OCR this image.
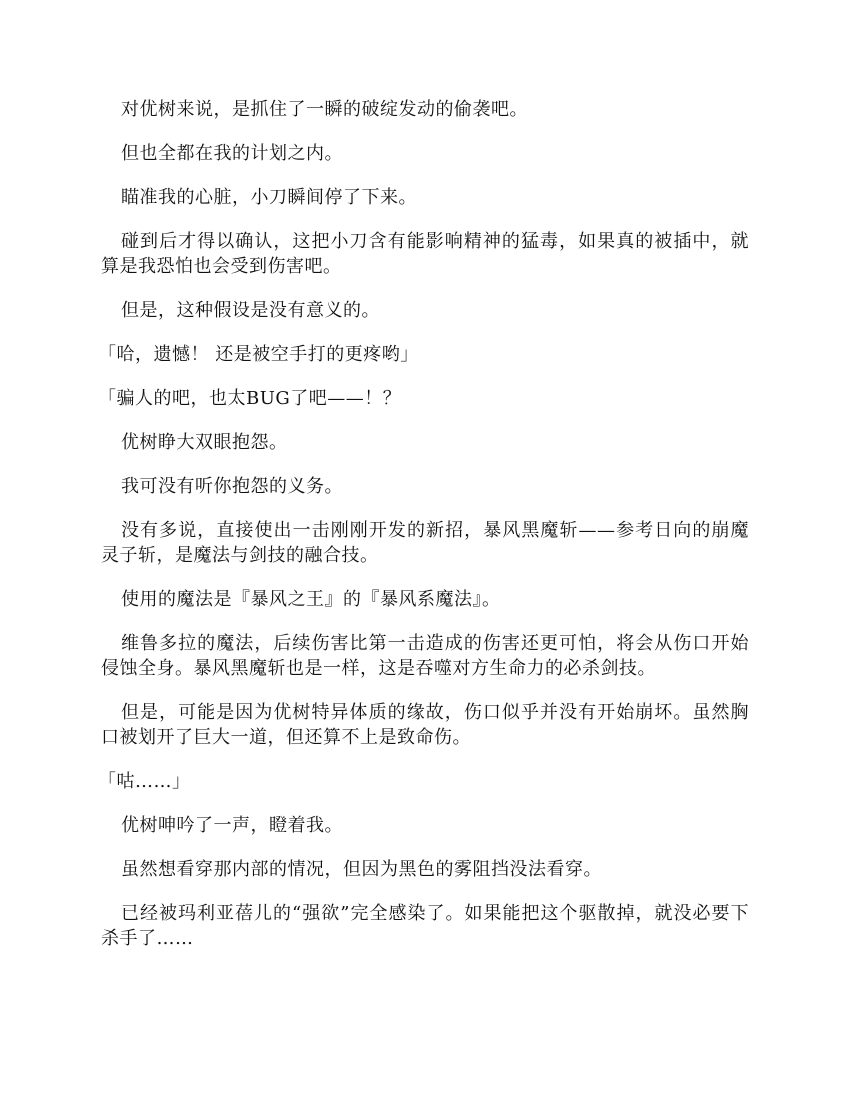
对优树来说，是抓住了一瞬的破绽发动的偷袭吧。

但也全都在我的计划之内。

瞄准我的心脏，小刀瞬间停了下来。

碰到后才得以确认，这把小刀含有能影响精神的猛毒，如果真的被插中，就算是我恐怕也会受到伤害吧。

但是，这种假设是没有意义的。

「哈，遗憾！ 还是被空手打的更疼哟」

「骗人的吧，也太BUG了吧——！？

优树睁大双眼抱怨。

我可没有听你抱怨的义务。

没有多说，直接使出一击刚刚开发的新招，暴风黑魔斩——参考日向的崩魔灵子斩，是魔法与剑技的融合技。

使用的魔法是『暴风之王』的『暴风系魔法』。

维鲁多拉的魔法，后续伤害比第一击造成的伤害还更可怕，将会从伤口开始侵蚀全身。暴风黑魔斩也是一样，这是吞噬对方生命力的必杀剑技。

但是，可能是因为优树特异体质的缘故，伤口似乎并没有开始崩坏。虽然胸口被划开了巨大一道，但还算不上是致命伤。

「咕……」

优树呻吟了一声，瞪着我。

虽然想看穿那内部的情况，但因为黑色的雾阻挡没法看穿。

已经被玛利亚蓓儿的“强欲”完全感染了。如果能把这个驱散掉，就没必要下杀手了……
